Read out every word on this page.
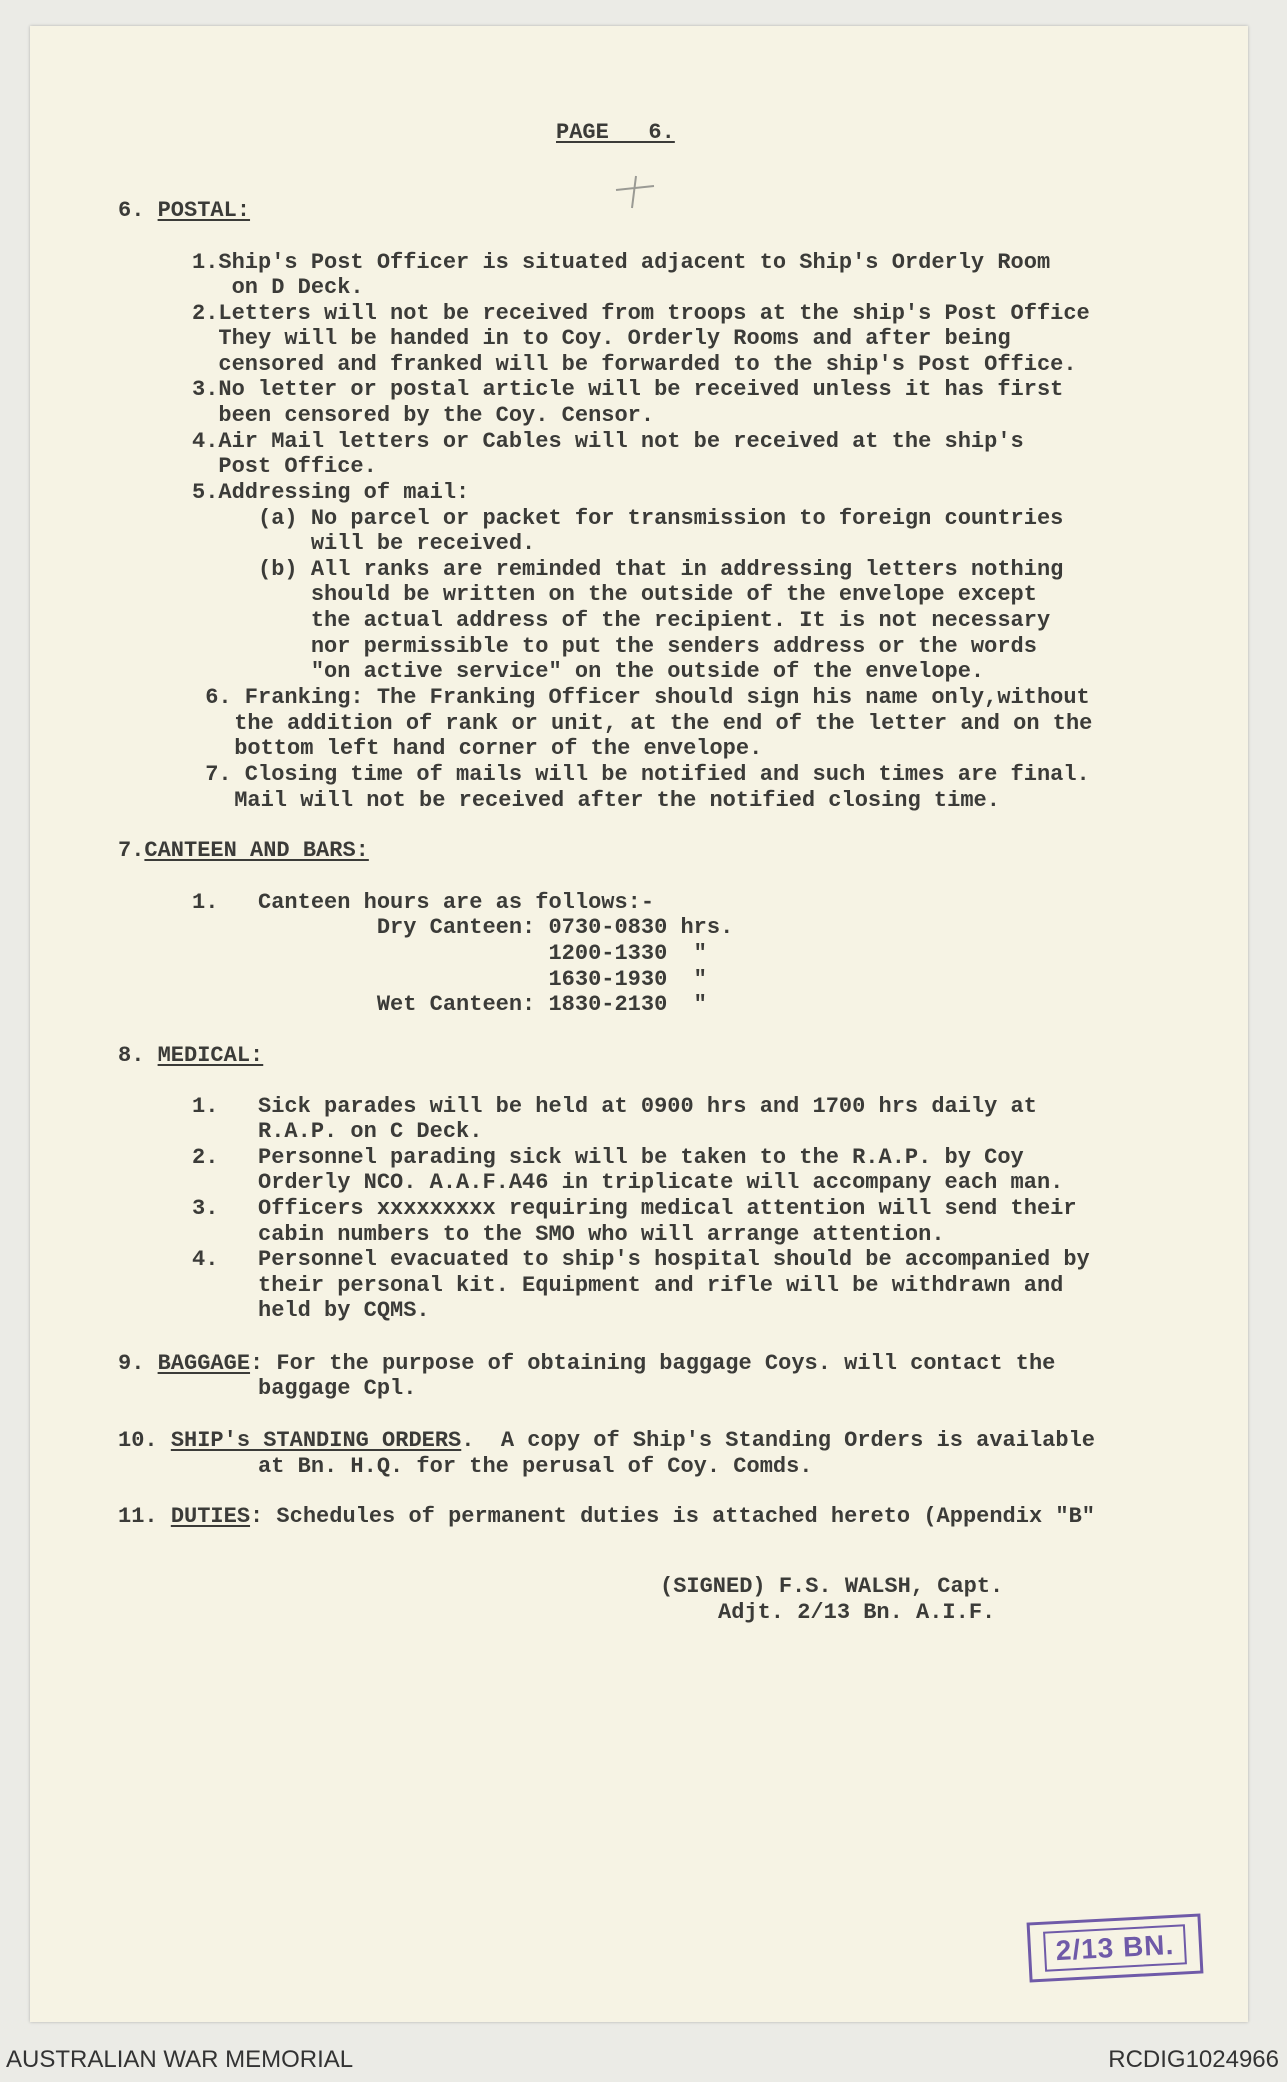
PAGE   6.
6. POSTAL:
1.Ship's Post Officer is situated adjacent to Ship's Orderly Room
on D Deck.
2.Letters will not be received from troops at the ship's Post Office
They will be handed in to Coy. Orderly Rooms and after being
censored and franked will be forwarded to the ship's Post Office.
3.No letter or postal article will be received unless it has first
been censored by the Coy. Censor.
4.Air Mail letters or Cables will not be received at the ship's
Post Office.
5.Addressing of mail:
(a) No parcel or packet for transmission to foreign countries
will be received.
(b) All ranks are reminded that in addressing letters nothing
should be written on the outside of the envelope except
the actual address of the recipient. It is not necessary
nor permissible to put the senders address or the words
"on active service" on the outside of the envelope.
6. Franking: The Franking Officer should sign his name only,without
the addition of rank or unit, at the end of the letter and on the
bottom left hand corner of the envelope.
7. Closing time of mails will be notified and such times are final.
Mail will not be received after the notified closing time.
7.CANTEEN AND BARS:
1.   Canteen hours are as follows:-
Dry Canteen: 0730-0830 hrs.
1200-1330  "
1630-1930  "
Wet Canteen: 1830-2130  "
8. MEDICAL:
1.   Sick parades will be held at 0900 hrs and 1700 hrs daily at
R.A.P. on C Deck.
2.   Personnel parading sick will be taken to the R.A.P. by Coy
Orderly NCO. A.A.F.A46 in triplicate will accompany each man.
3.   Officers xxxxxxxxx requiring medical attention will send their
cabin numbers to the SMO who will arrange attention.
4.   Personnel evacuated to ship's hospital should be accompanied by
their personal kit. Equipment and rifle will be withdrawn and
held by CQMS.
9. BAGGAGE: For the purpose of obtaining baggage Coys. will contact the
baggage Cpl.
10. SHIP's STANDING ORDERS.  A copy of Ship's Standing Orders is available
at Bn. H.Q. for the perusal of Coy. Comds.
11. DUTIES: Schedules of permanent duties is attached hereto (Appendix "B"
(SIGNED) F.S. WALSH, Capt.
Adjt. 2/13 Bn. A.I.F.
2/13 BN.
AUSTRALIAN WAR MEMORIAL	RCDIG1024966
